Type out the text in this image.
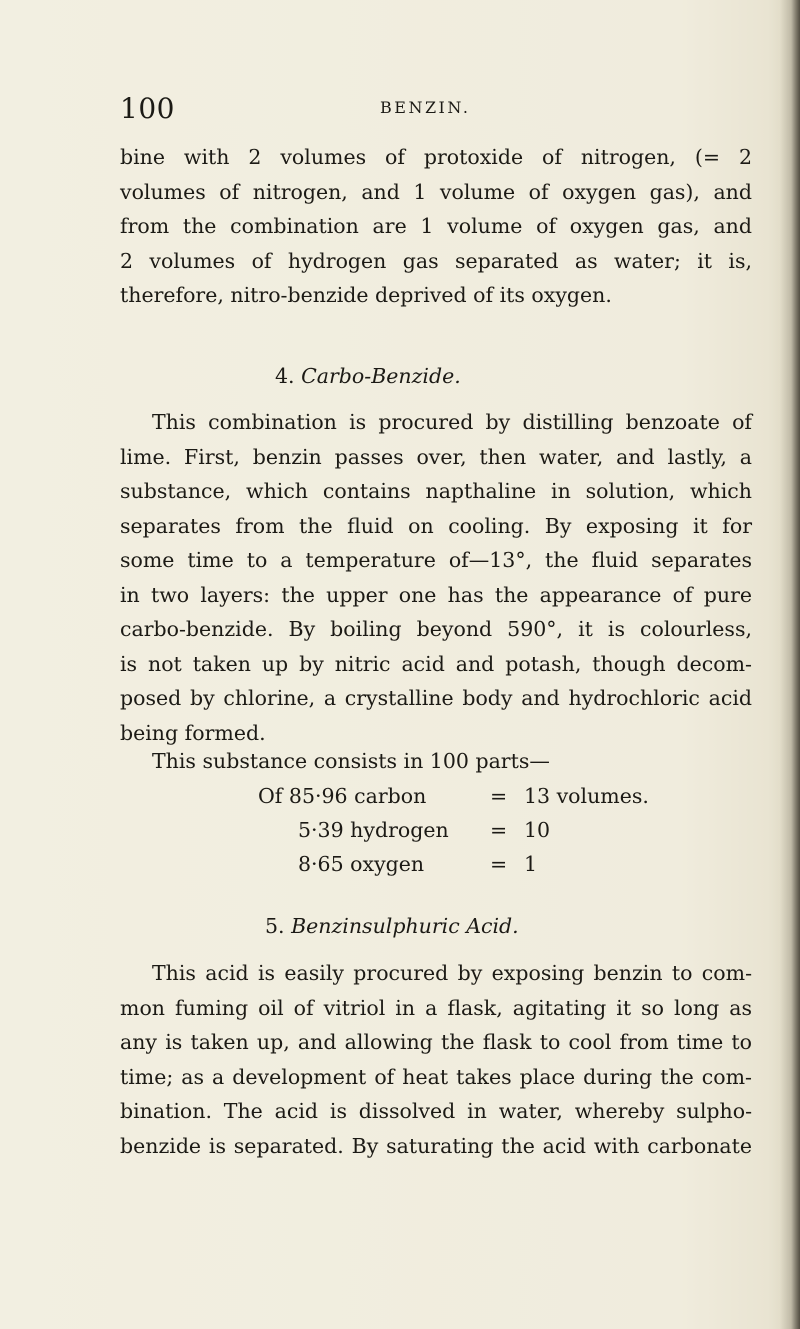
100	BENZIN.
bine with 2 volumes of protoxide of nitrogen, (= 2
volumes of nitrogen, and 1 volume of oxygen gas), and
from the combination are 1 volume of oxygen gas, and
2 volumes of hydrogen gas separated as water; it is,
therefore, nitro-benzide deprived of its oxygen.
4. Carbo-Benzide.
This combination is procured by distilling benzoate of
lime. First, benzin passes over, then water, and lastly, a
substance, which contains napthaline in solution, which
separates from the fluid on cooling. By exposing it for
some time to a temperature of—13°, the fluid separates
in two layers: the upper one has the appearance of pure
carbo-benzide. By boiling beyond 590°, it is colourless,
is not taken up by nitric acid and potash, though decom-
posed by chlorine, a crystalline body and hydrochloric acid
being formed.
This substance consists in 100 parts—
Of 85·96 carbon	= 13 volumes.
5·39 hydrogen = 10
8·65 oxygen	= 1
5. Benzinsulphuric Acid.
This acid is easily procured by exposing benzin to com-
mon fuming oil of vitriol in a flask, agitating it so long as
any is taken up, and allowing the flask to cool from time to
time; as a development of heat takes place during the com-
bination. The acid is dissolved in water, whereby sulpho-
benzide is separated. By saturating the acid with carbonate
